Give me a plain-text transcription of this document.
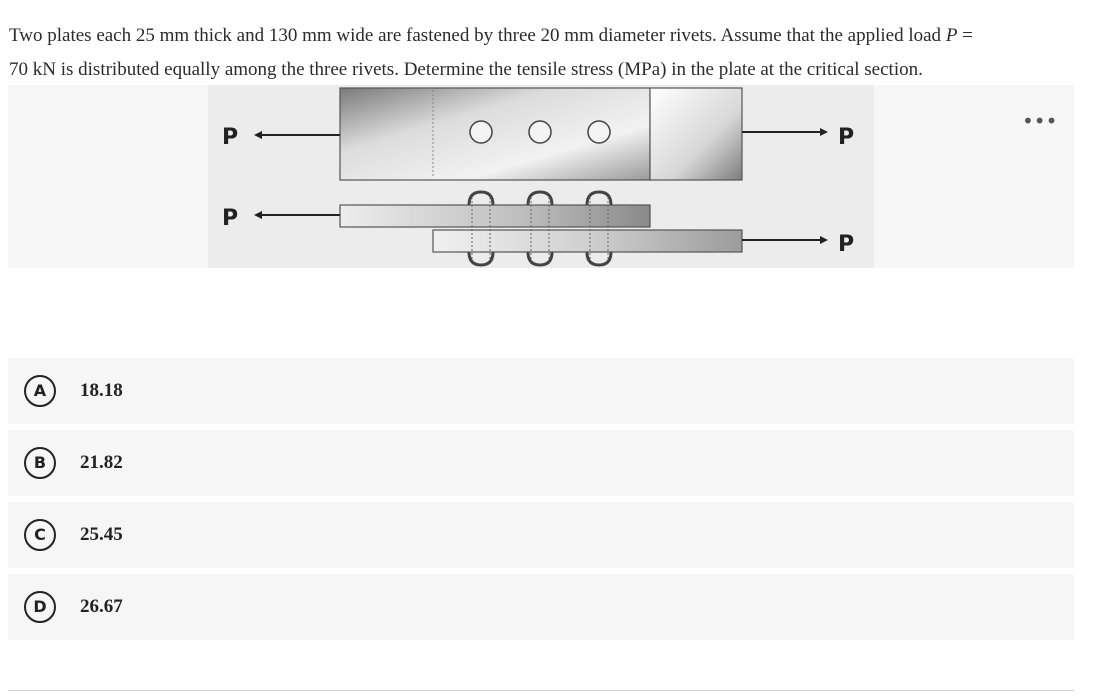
Two plates each 25 mm thick and 130 mm wide are fastened by three 20 mm diameter rivets. Assume that the applied load P =
70 kN is distributed equally among the three rivets. Determine the tensile stress (MPa) in the plate at the critical section.

P	P
P
P
•••
A	18.18
B	21.82
C	25.45
D	26.67
